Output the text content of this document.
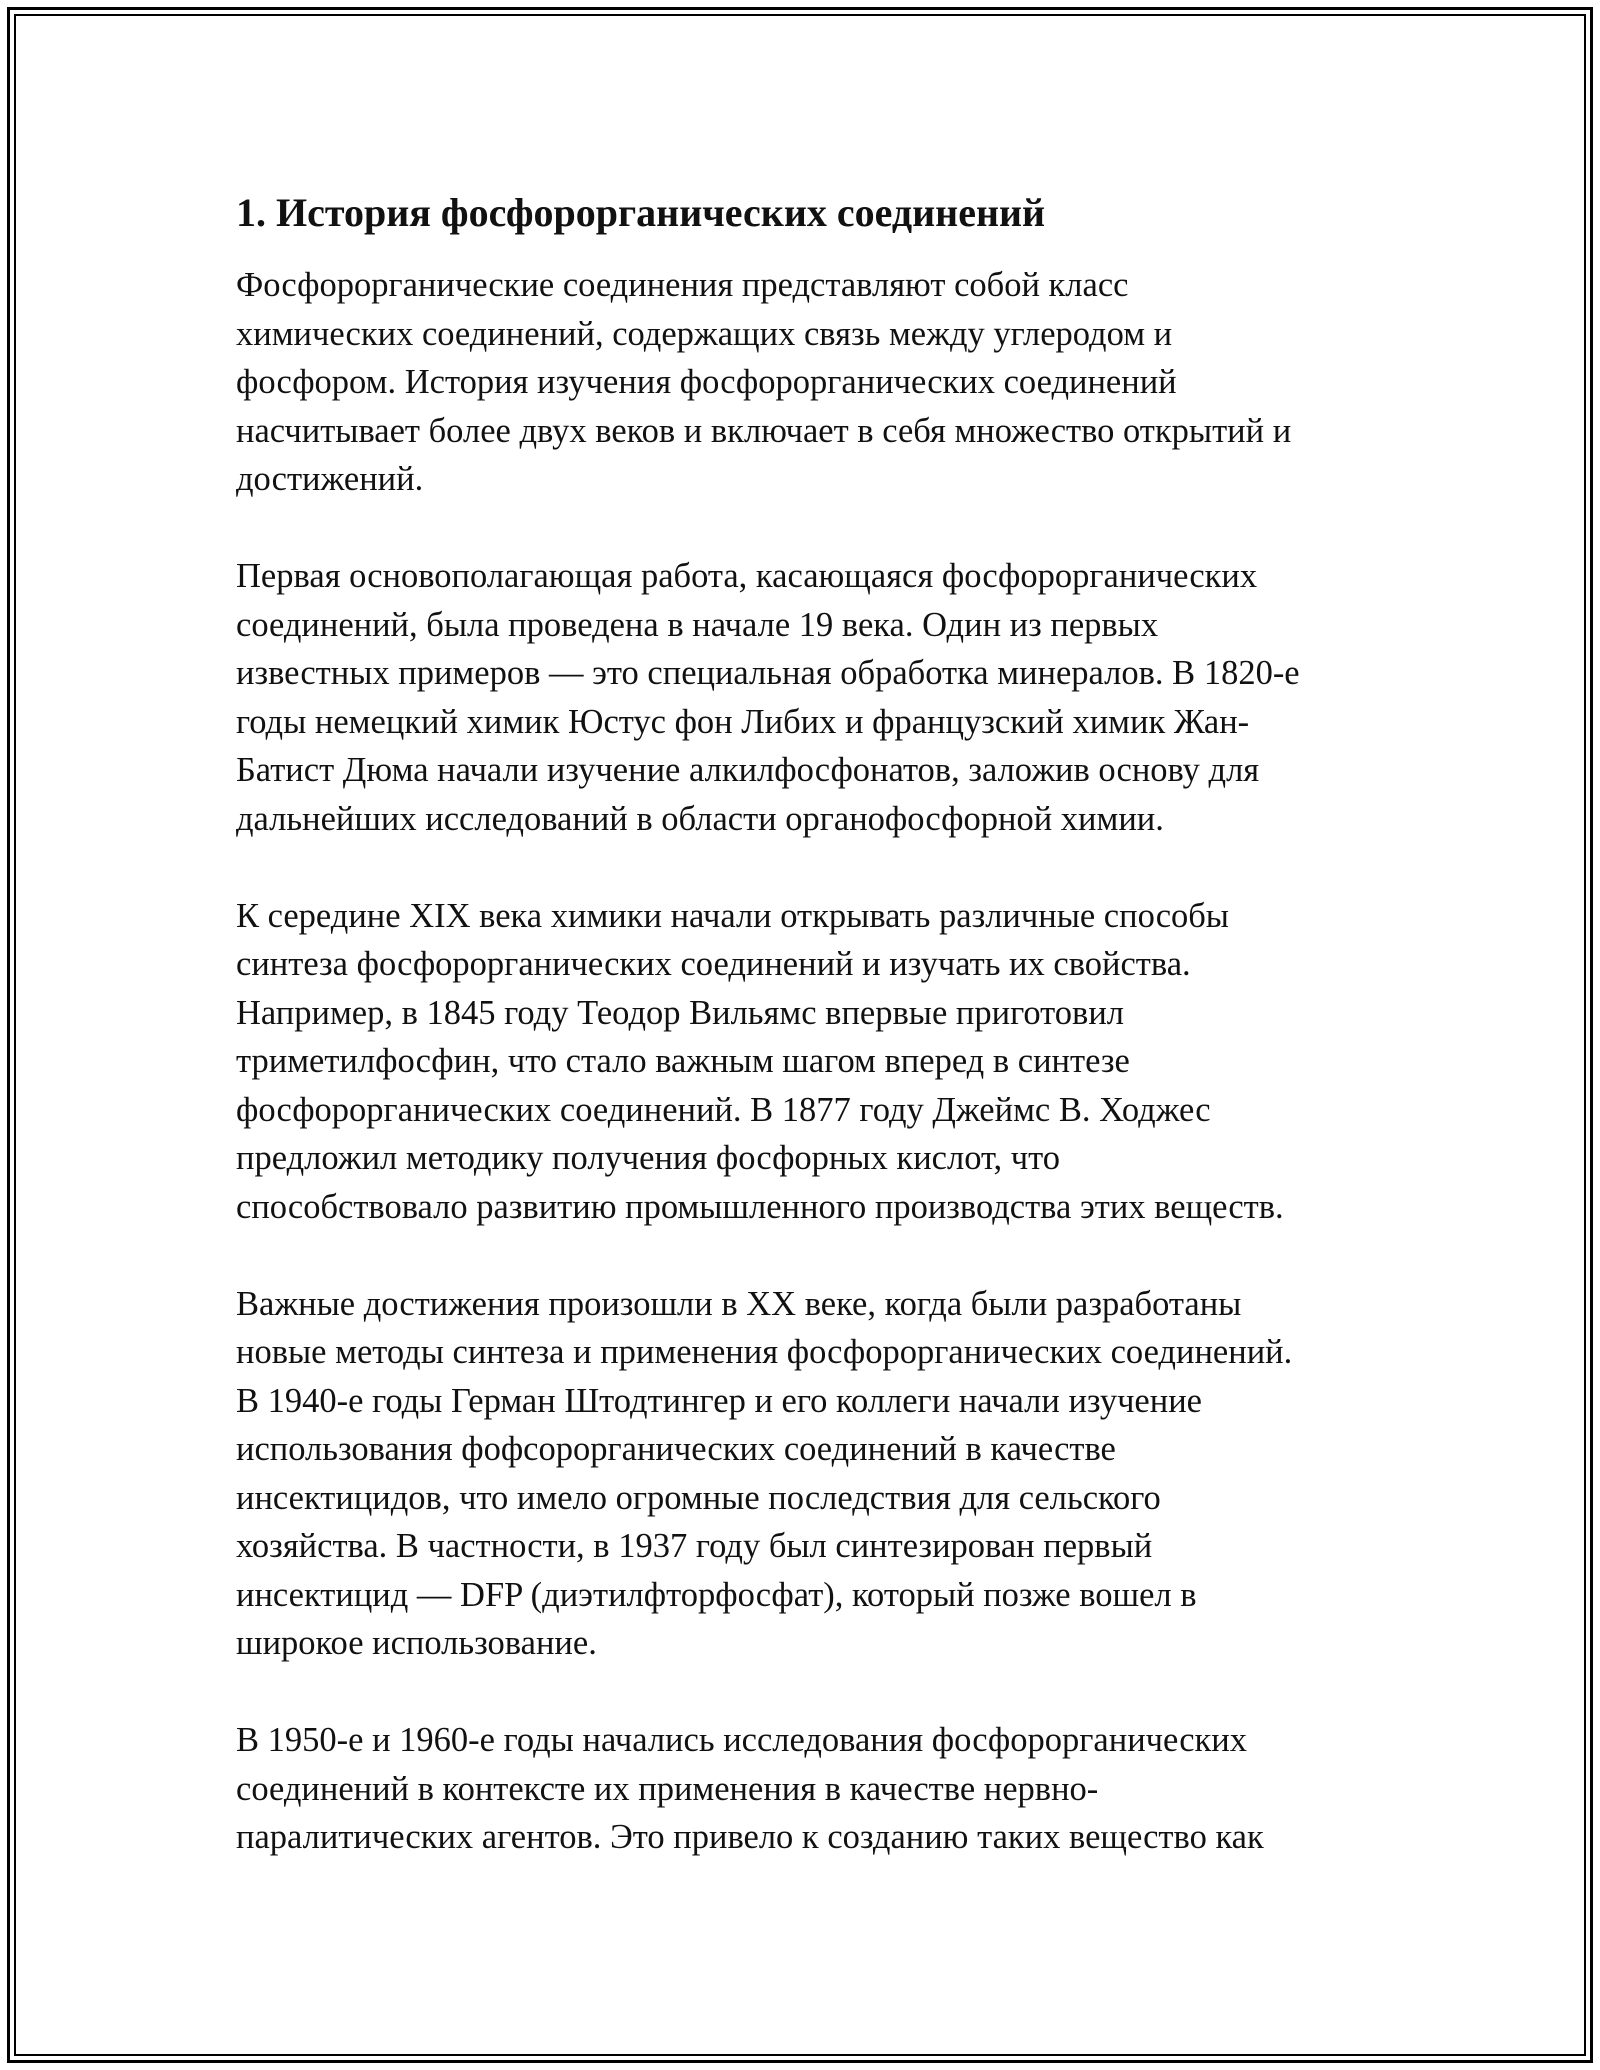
1. История фосфорорганических соединений

Фосфорорганические соединения представляют собой класс
химических соединений, содержащих связь между углеродом и
фосфором. История изучения фосфорорганических соединений
насчитывает более двух веков и включает в себя множество открытий и
достижений.

Первая основополагающая работа, касающаяся фосфорорганических
соединений, была проведена в начале 19 века. Один из первых
известных примеров — это специальная обработка минералов. В 1820-е
годы немецкий химик Юстус фон Либих и французский химик Жан-
Батист Дюма начали изучение алкилфосфонатов, заложив основу для
дальнейших исследований в области органофосфорной химии.

К середине XIX века химики начали открывать различные способы
синтеза фосфорорганических соединений и изучать их свойства.
Например, в 1845 году Теодор Вильямс впервые приготовил
триметилфосфин, что стало важным шагом вперед в синтезе
фосфорорганических соединений. В 1877 году Джеймс В. Ходжес
предложил методику получения фосфорных кислот, что
способствовало развитию промышленного производства этих веществ.

Важные достижения произошли в XX веке, когда были разработаны
новые методы синтеза и применения фосфорорганических соединений.
В 1940-е годы Герман Штодтингер и его коллеги начали изучение
использования фофсорорганических соединений в качестве
инсектицидов, что имело огромные последствия для сельского
хозяйства. В частности, в 1937 году был синтезирован первый
инсектицид — DFP (диэтилфторфосфат), который позже вошел в
широкое использование.

В 1950-е и 1960-е годы начались исследования фосфорорганических
соединений в контексте их применения в качестве нервно-
паралитических агентов. Это привело к созданию таких вещество как
